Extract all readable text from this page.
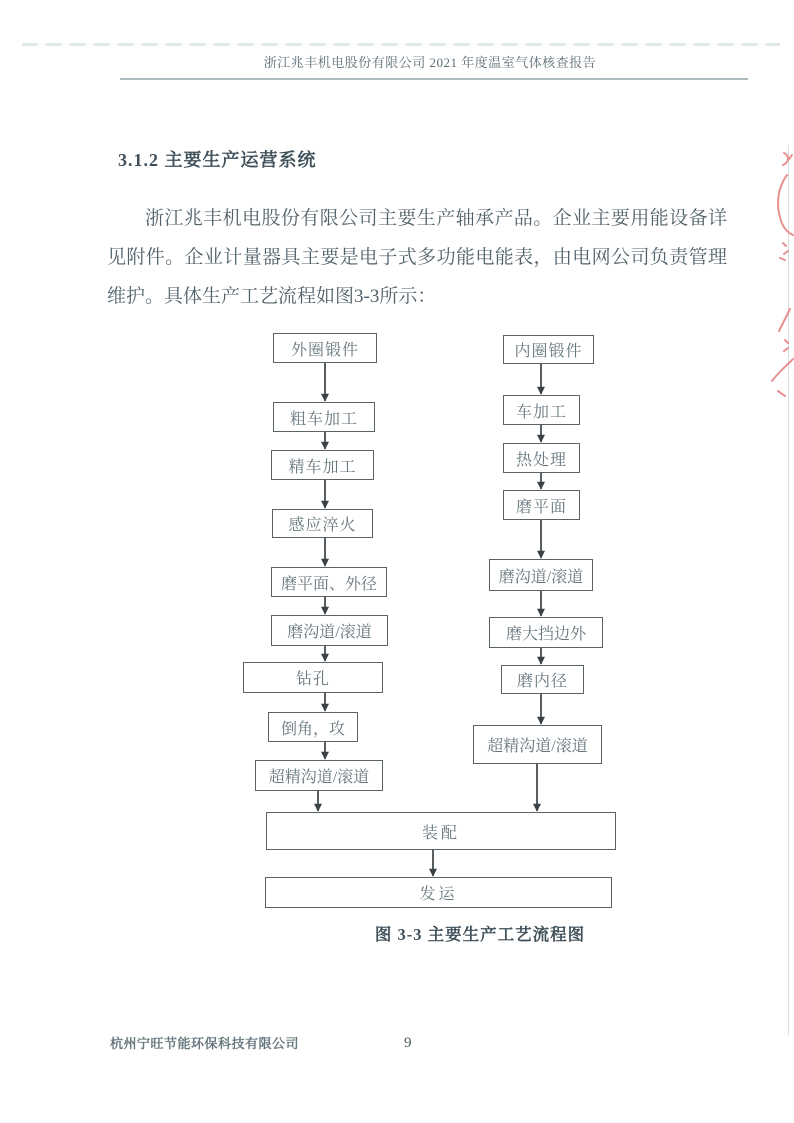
浙江兆丰机电股份有限公司 2021 年度温室气体核查报告
3.1.2 主要生产运营系统
浙江兆丰机电股份有限公司主要生产轴承产品。企业主要用能设备详见附件。企业计量器具主要是电子式多功能电能表，由电网公司负责管理维护。具体生产工艺流程如图3-3所示：
外圈锻件
粗车加工
精车加工
感应淬火
磨平面、外径
磨沟道/滚道
钻孔
倒角，攻
超精沟道/滚道
内圈锻件
车加工
热处理
磨平面
磨沟道/滚道
磨大挡边外
磨内径
超精沟道/滚道
装配
发运
图 3-3 主要生产工艺流程图
杭州宁旺节能环保科技有限公司	9
